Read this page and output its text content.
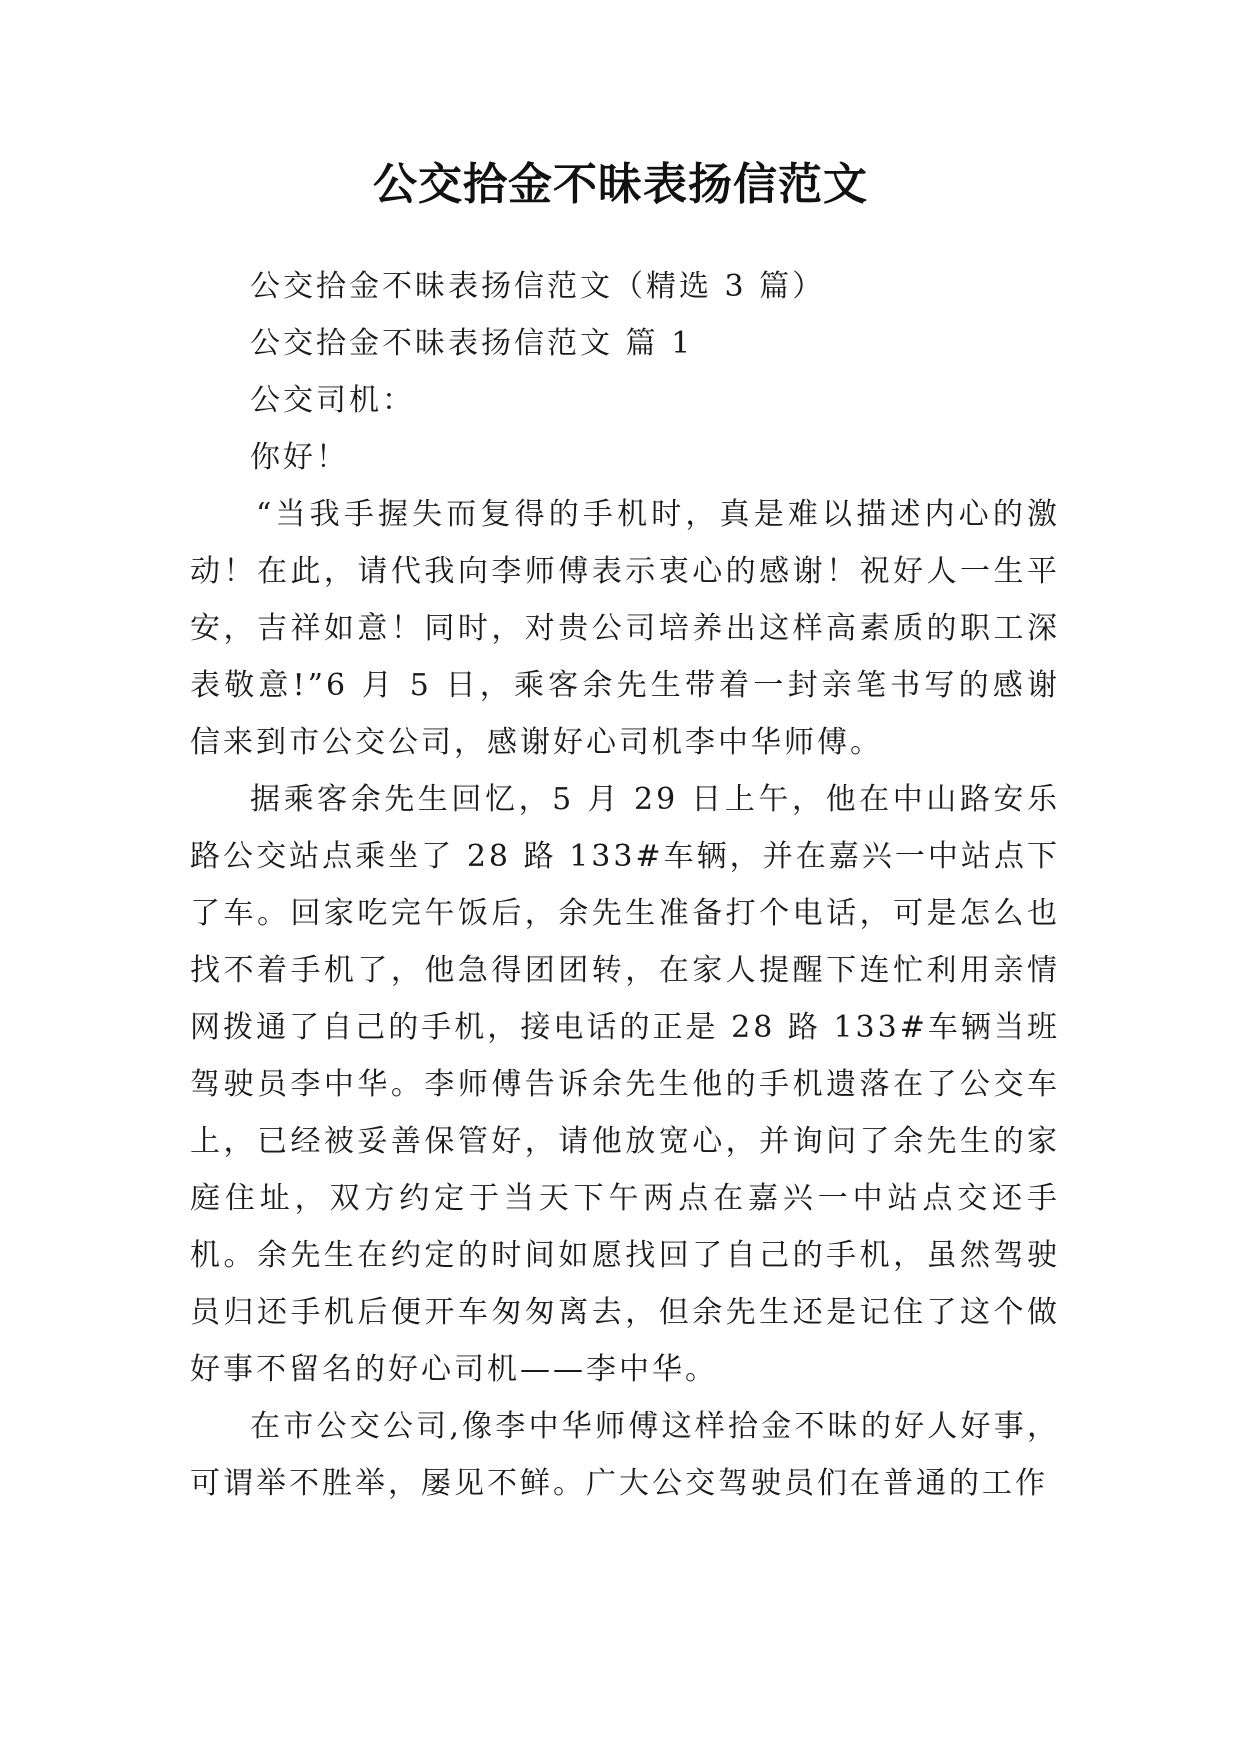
公交拾金不昧表扬信范文

公交拾金不昧表扬信范文（精选 3 篇）

公交拾金不昧表扬信范文 篇 1

公交司机：

你好！

“当我手握失而复得的手机时，真是难以描述内心的激动！在此，请代我向李师傅表示衷心的感谢！祝好人一生平安，吉祥如意！同时，对贵公司培养出这样高素质的职工深表敬意!”6 月 5 日，乘客余先生带着一封亲笔书写的感谢信来到市公交公司，感谢好心司机李中华师傅。

据乘客余先生回忆，5 月 29 日上午，他在中山路安乐路公交站点乘坐了 28 路 133#车辆，并在嘉兴一中站点下了车。回家吃完午饭后，余先生准备打个电话，可是怎么也找不着手机了，他急得团团转，在家人提醒下连忙利用亲情网拨通了自己的手机，接电话的正是 28 路 133#车辆当班驾驶员李中华。李师傅告诉余先生他的手机遗落在了公交车上，已经被妥善保管好，请他放宽心，并询问了余先生的家庭住址，双方约定于当天下午两点在嘉兴一中站点交还手机。余先生在约定的时间如愿找回了自己的手机，虽然驾驶员归还手机后便开车匆匆离去，但余先生还是记住了这个做好事不留名的好心司机——李中华。

在市公交公司,像李中华师傅这样拾金不昧的好人好事，可谓举不胜举，屡见不鲜。广大公交驾驶员们在普通的工作
